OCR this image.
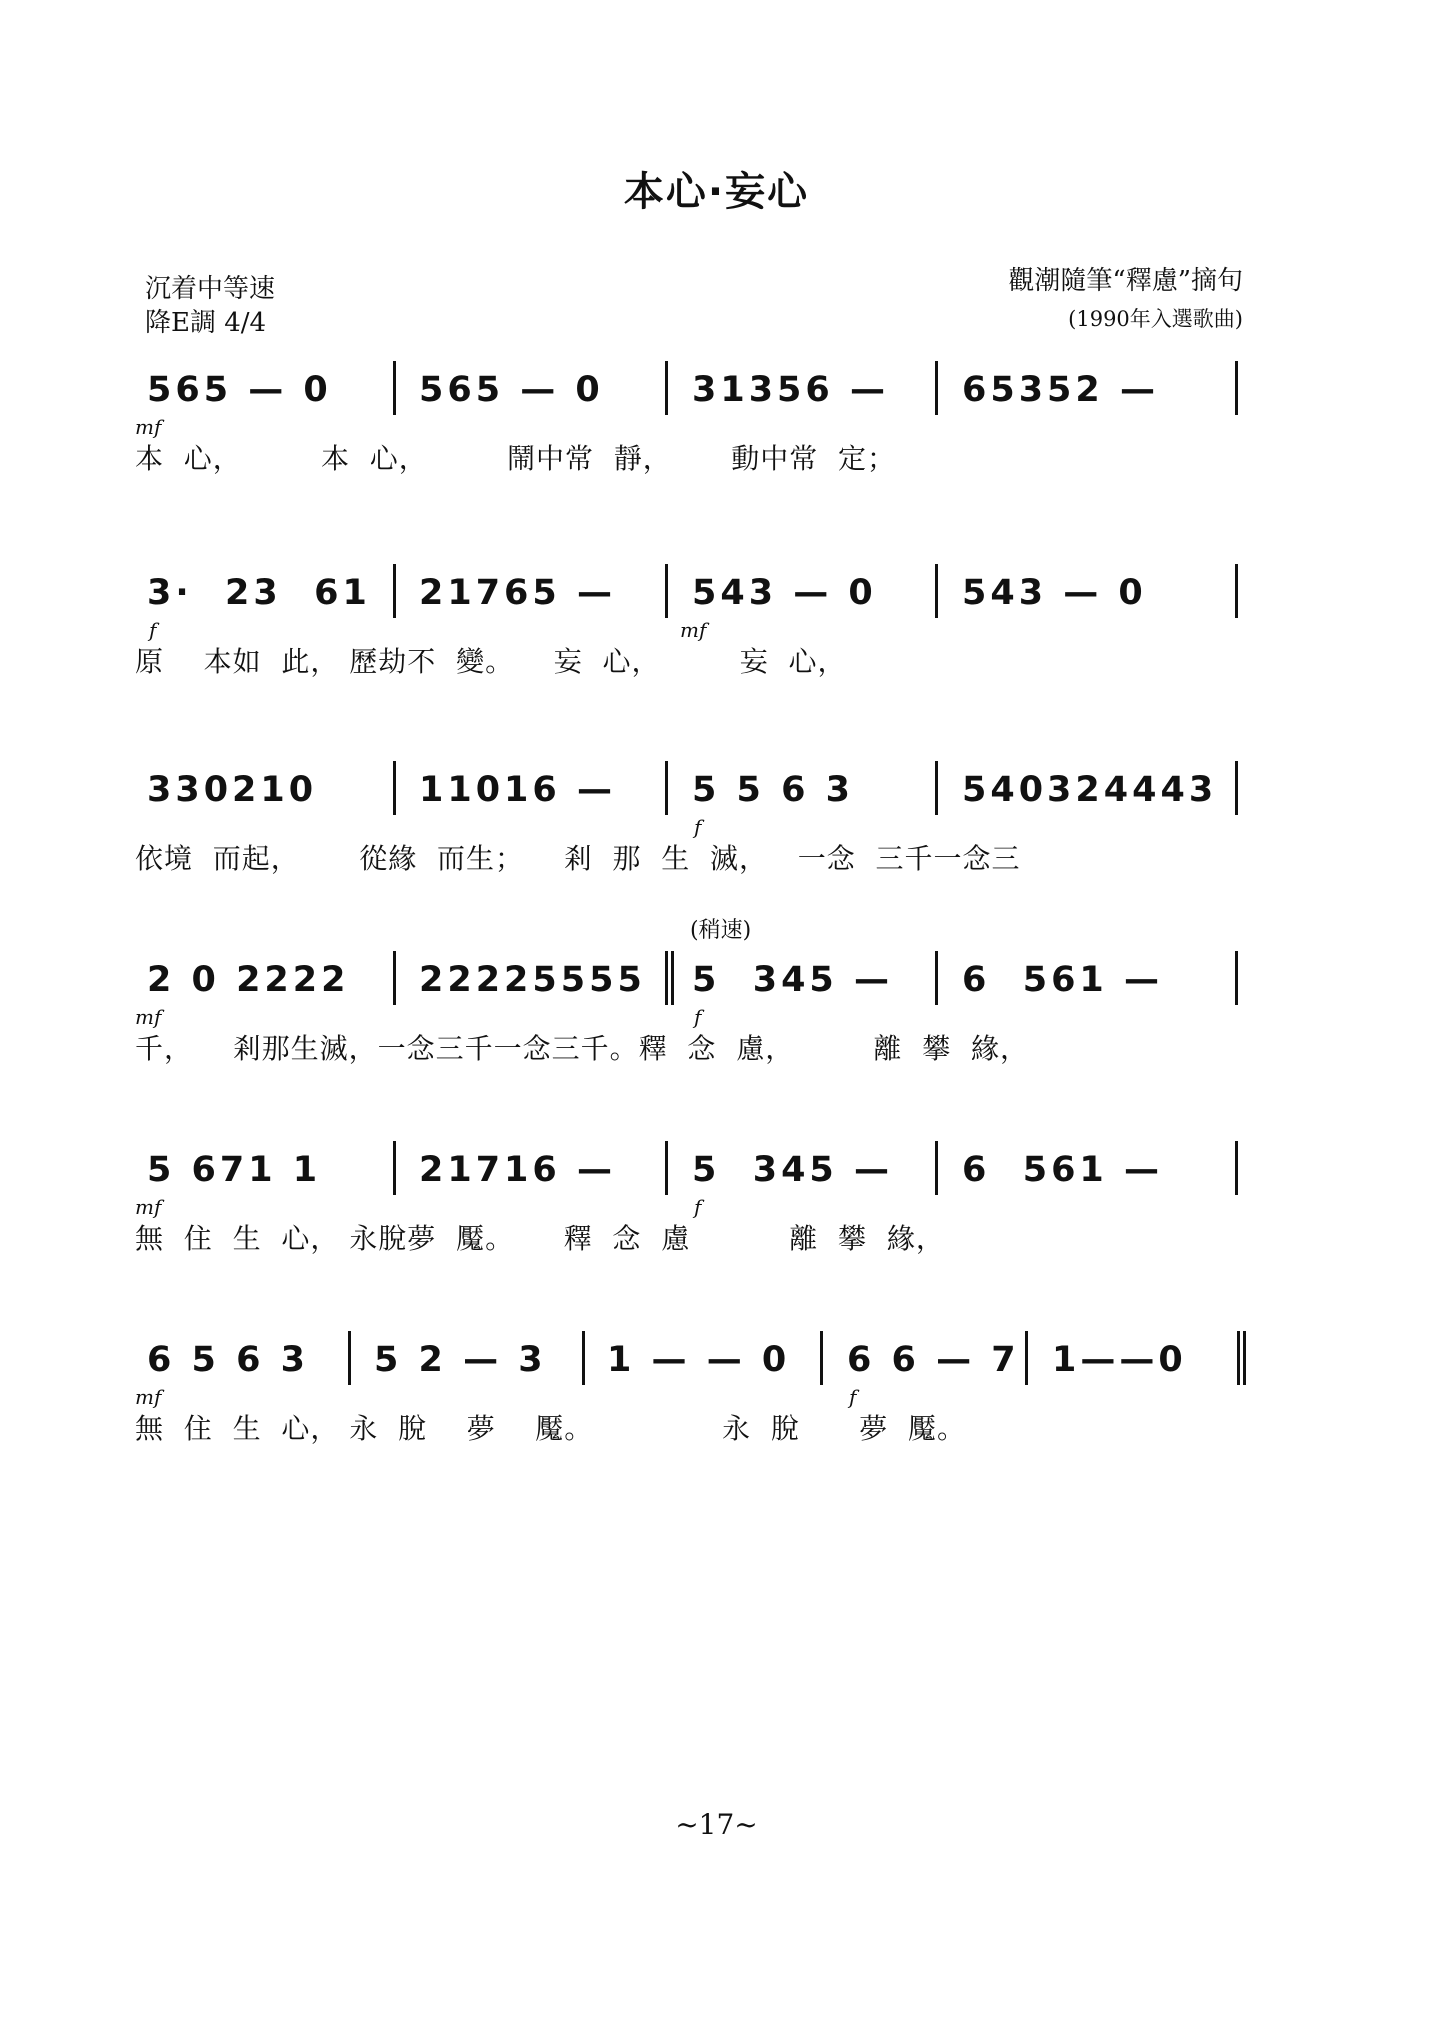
本心·妄心
沉着中等速
降E調 4/4
觀潮隨筆“釋慮”摘句
(1990年入選歌曲)
565 — 0 565 — 0	31356 — 65352 —
mf
本  心，        本  心，        鬧中常  靜，      動中常  定；
3·  23  61 21765 — 543 — 0 543 — 0
f	mf
原    本如  此， 歷劫不  變。    妄  心，        妄  心，
330210	11016 — 5 5 6 3	540324443
f
依境  而起，      從緣  而生；    剎  那  生  滅，   一念  三千一念三
2 0 2222 22225555 5  345 — 6  561 —
mf	f
千，    剎那生滅，一念三千一念三千。釋  念  慮，        離  攀  緣，
(稍速)
5 671 1	21716 — 5  345 — 6  561 —
mf	f
無  住  生  心， 永脫夢  魘。     釋  念  慮          離  攀  緣，
6 5 6 3 5 2 — 3 1 — — 0 6 6 — 7 1——0
mf	f
無  住  生  心， 永  脫    夢    魘。             永  脫      夢  魘。
~17~
